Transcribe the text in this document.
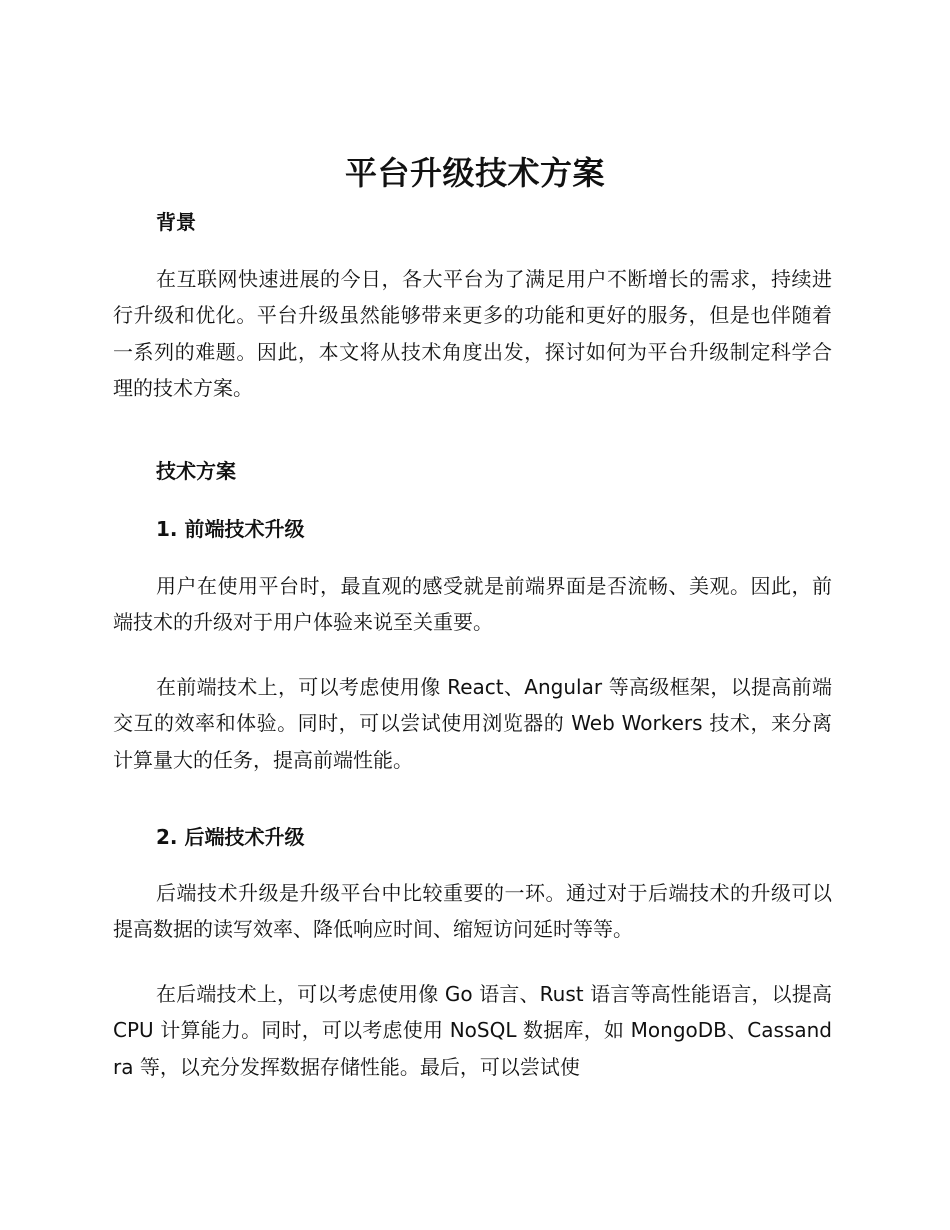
平台升级技术方案
背景

在互联网快速进展的今日，各大平台为了满足用户不断增长的需求，持续进行升级和优化。平台升级虽然能够带来更多的功能和更好的服务，但是也伴随着一系列的难题。因此，本文将从技术角度出发，探讨如何为平台升级制定科学合理的技术方案。

技术方案
1. 前端技术升级

用户在使用平台时，最直观的感受就是前端界面是否流畅、美观。因此，前端技术的升级对于用户体验来说至关重要。

在前端技术上，可以考虑使用像 React、Angular 等高级框架，以提高前端交互的效率和体验。同时，可以尝试使用浏览器的 Web Workers 技术，来分离计算量大的任务，提高前端性能。

2. 后端技术升级

后端技术升级是升级平台中比较重要的一环。通过对于后端技术的升级可以提高数据的读写效率、降低响应时间、缩短访问延时等等。

在后端技术上，可以考虑使用像 Go 语言、Rust 语言等高性能语言，以提高 CPU 计算能力。同时，可以考虑使用 NoSQL 数据库，如 MongoDB、Cassandra 等，以充分发挥数据存储性能。最后，可以尝试使
